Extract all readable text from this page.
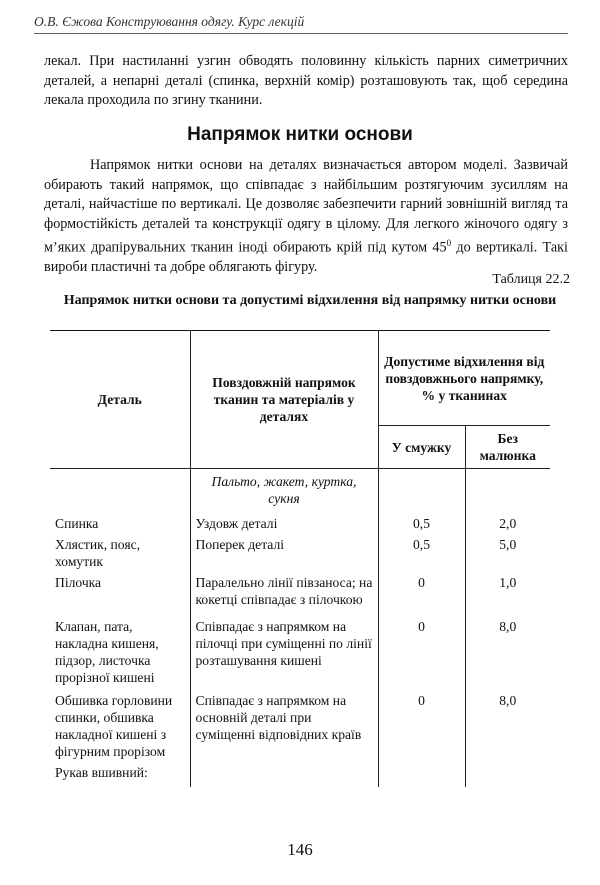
О.В. Єжова Конструювання одягу. Курс лекцій
лекал. При настиланні узгин обводять половинну кількість парних симетричних деталей, а непарні деталі (спинка, верхній комір) розташовують так, щоб середина лекала проходила по згину тканини.
Напрямок нитки основи
Напрямок нитки основи на деталях визначається автором моделі. Зазвичай обирають такий напрямок, що співпадає з найбільшим розтягуючим зусиллям на деталі, найчастіше по вертикалі. Це дозволяє забезпечити гарний зовнішній вигляд та формостійкість деталей та конструкції одягу в цілому. Для легкого жіночого одягу з м’яких драпірувальних тканин іноді обирають крій під кутом $45^0$ до вертикалі. Такі вироби пластичні та добре облягають фігуру.
Таблиця 22.2
Напрямок нитки основи та допустимі відхилення від напрямку нитки основи
Деталь	Повздовжній напрямок тканин та матеріалів у деталях	Допустиме відхилення від повздовжнього напрямку, % у тканинах	
		У смужку	Без малюнка
	Пальто, жакет, куртка, сукня		
Спинка	Уздовж деталі	0,5	2,0
Хлястик, пояс, хомутик	Поперек деталі	0,5	5,0
Пілочка	Паралельно лінії півзаноса; на кокетці співпадає з пілочкою	0	1,0
Клапан, пата, накладна кишеня, підзор, листочка прорізної кишені	Співпадає з напрямком на пілочці при суміщенні по лінії розташування кишені	0	8,0
Обшивка горловини спинки, обшивка накладної кишені з фігурним прорізом	Співпадає з напрямком на основній деталі при суміщенні відповідних країв	0	8,0
Рукав вшивний:			
146
